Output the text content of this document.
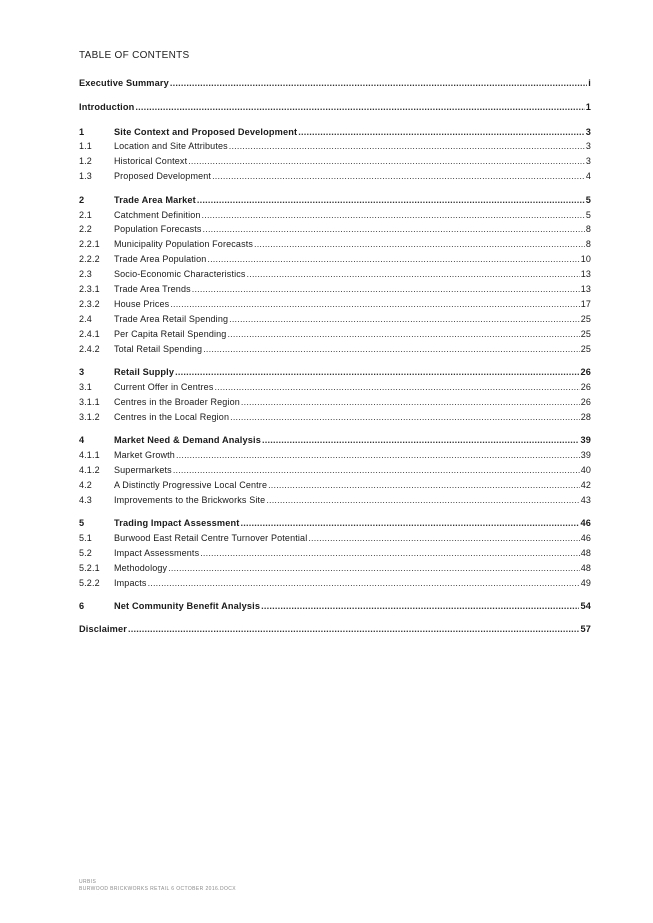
TABLE OF CONTENTS
Executive Summary .....	i
Introduction .....	1
1	Site Context and Proposed Development .....	3
1.1	Location and Site Attributes .....	3
1.2	Historical Context .....	3
1.3	Proposed Development .....	4
2	Trade Area Market .....	5
2.1	Catchment Definition .....	5
2.2	Population Forecasts .....	8
2.2.1	Municipality Population Forecasts .....	8
2.2.2	Trade Area Population .....	10
2.3	Socio-Economic Characteristics .....	13
2.3.1	Trade Area Trends .....	13
2.3.2	House Prices .....	17
2.4	Trade Area Retail Spending .....	25
2.4.1	Per Capita Retail Spending .....	25
2.4.2	Total Retail Spending .....	25
3	Retail Supply .....	26
3.1	Current Offer in Centres .....	26
3.1.1	Centres in the Broader Region .....	26
3.1.2	Centres in the Local Region .....	28
4	Market Need & Demand Analysis .....	39
4.1.1	Market Growth .....	39
4.1.2	Supermarkets .....	40
4.2	A Distinctly Progressive Local Centre .....	42
4.3	Improvements to the Brickworks Site .....	43
5	Trading Impact Assessment .....	46
5.1	Burwood East Retail Centre Turnover Potential .....	46
5.2	Impact Assessments .....	48
5.2.1	Methodology .....	48
5.2.2	Impacts .....	49
6	Net Community Benefit Analysis .....	54
Disclaimer .....	57
URBIS
BURWOOD BRICKWORKS RETAIL 6 OCTOBER 2016.DOCX
